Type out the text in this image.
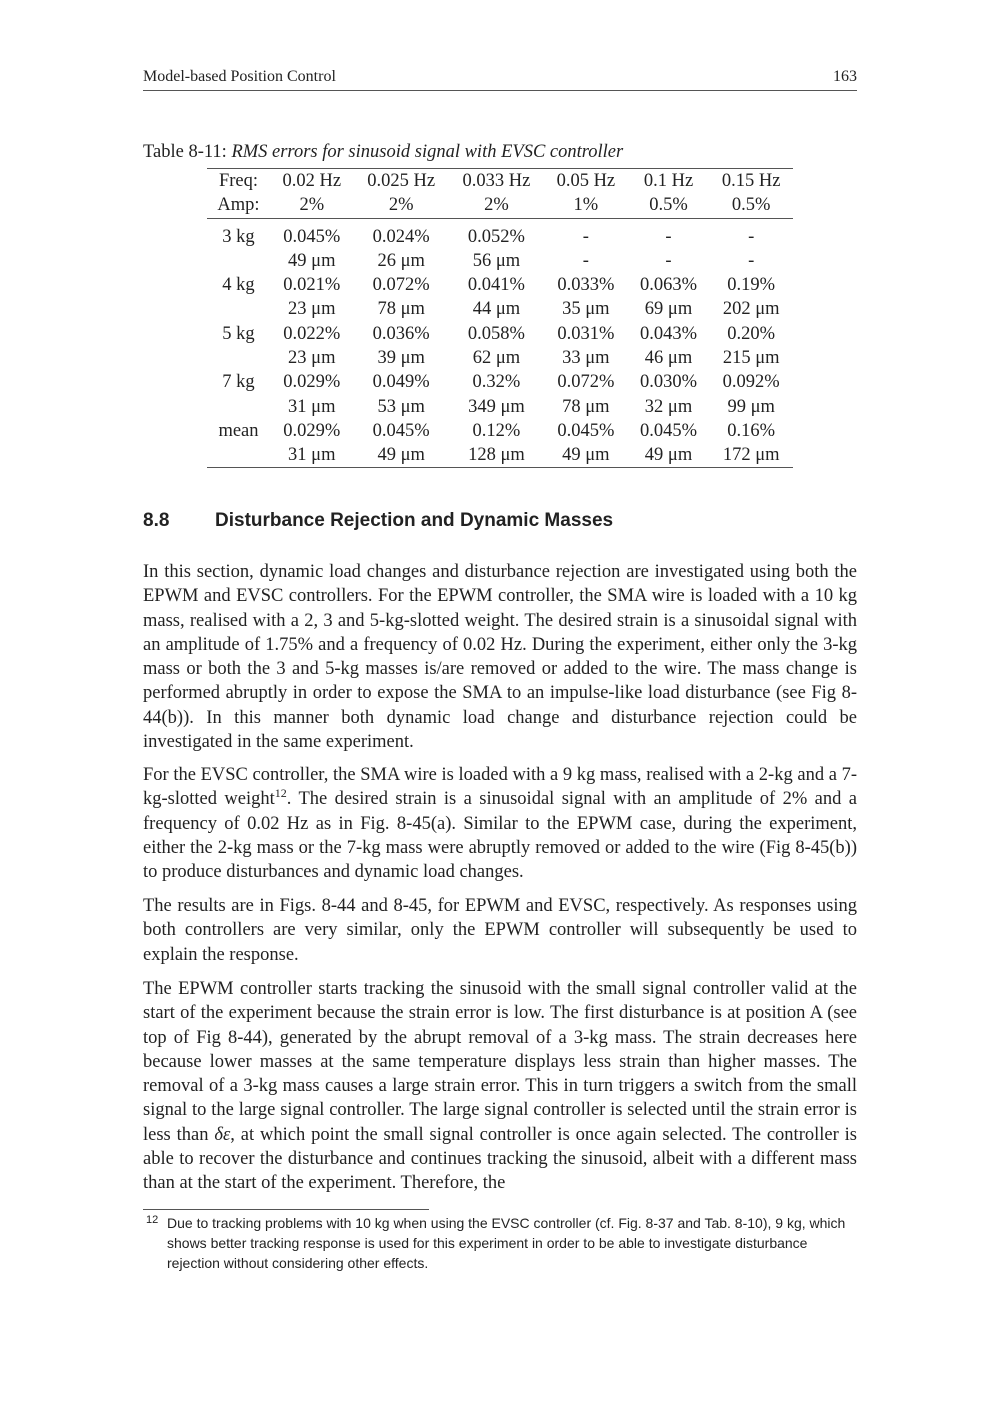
Model-based Position Control	163
Table 8-11: RMS errors for sinusoid signal with EVSC controller
Freq:	0.02 Hz	0.025 Hz	0.033 Hz	0.05 Hz	0.1 Hz	0.15 Hz
Amp:	2%	2%	2%	1%	0.5%	0.5%
3 kg	0.045%	0.024%	0.052%	-	-	-
	49 μm	26 μm	56 μm	-	-	-
4 kg	0.021%	0.072%	0.041%	0.033%	0.063%	0.19%
	23 μm	78 μm	44 μm	35 μm	69 μm	202 μm
5 kg	0.022%	0.036%	0.058%	0.031%	0.043%	0.20%
	23 μm	39 μm	62 μm	33 μm	46 μm	215 μm
7 kg	0.029%	0.049%	0.32%	0.072%	0.030%	0.092%
	31 μm	53 μm	349 μm	78 μm	32 μm	99 μm
mean	0.029%	0.045%	0.12%	0.045%	0.045%	0.16%
	31 μm	49 μm	128 μm	49 μm	49 μm	172 μm
8.8 Disturbance Rejection and Dynamic Masses

In this section, dynamic load changes and disturbance rejection are investigated using both the EPWM and EVSC controllers. For the EPWM controller, the SMA wire is loaded with a 10 kg mass, realised with a 2, 3 and 5-kg-slotted weight. The desired strain is a sinusoidal signal with an amplitude of 1.75% and a frequency of 0.02 Hz. During the experiment, either only the 3-kg mass or both the 3 and 5-kg masses is/are removed or added to the wire. The mass change is performed abruptly in order to expose the SMA to an impulse-like load disturbance (see Fig 8-44(b)). In this manner both dynamic load change and disturbance rejection could be investigated in the same experiment.

For the EVSC controller, the SMA wire is loaded with a 9 kg mass, realised with a 2-kg and a 7-kg-slotted weight$^{12}$. The desired strain is a sinusoidal signal with an amplitude of 2% and a frequency of 0.02 Hz as in Fig. 8-45(a). Similar to the EPWM case, during the experiment, either the 2-kg mass or the 7-kg mass were abruptly removed or added to the wire (Fig 8-45(b)) to produce disturbances and dynamic load changes.

The results are in Figs. 8-44 and 8-45, for EPWM and EVSC, respectively. As responses using both controllers are very similar, only the EPWM controller will subsequently be used to explain the response.

The EPWM controller starts tracking the sinusoid with the small signal controller valid at the start of the experiment because the strain error is low. The first disturbance is at position A (see top of Fig 8-44), generated by the abrupt removal of a 3-kg mass. The strain decreases here because lower masses at the same temperature displays less strain than higher masses. The removal of a 3-kg mass causes a large strain error. This in turn triggers a switch from the small signal to the large signal controller. The large signal controller is selected until the strain error is less than δε, at which point the small signal controller is once again selected. The controller is able to recover the disturbance and continues tracking the sinusoid, albeit with a different mass than at the start of the experiment. Therefore, the

12 Due to tracking problems with 10 kg when using the EVSC controller (cf. Fig. 8-37 and Tab. 8-10), 9 kg, which shows better tracking response is used for this experiment in order to be able to investigate disturbance rejection without considering other effects.
